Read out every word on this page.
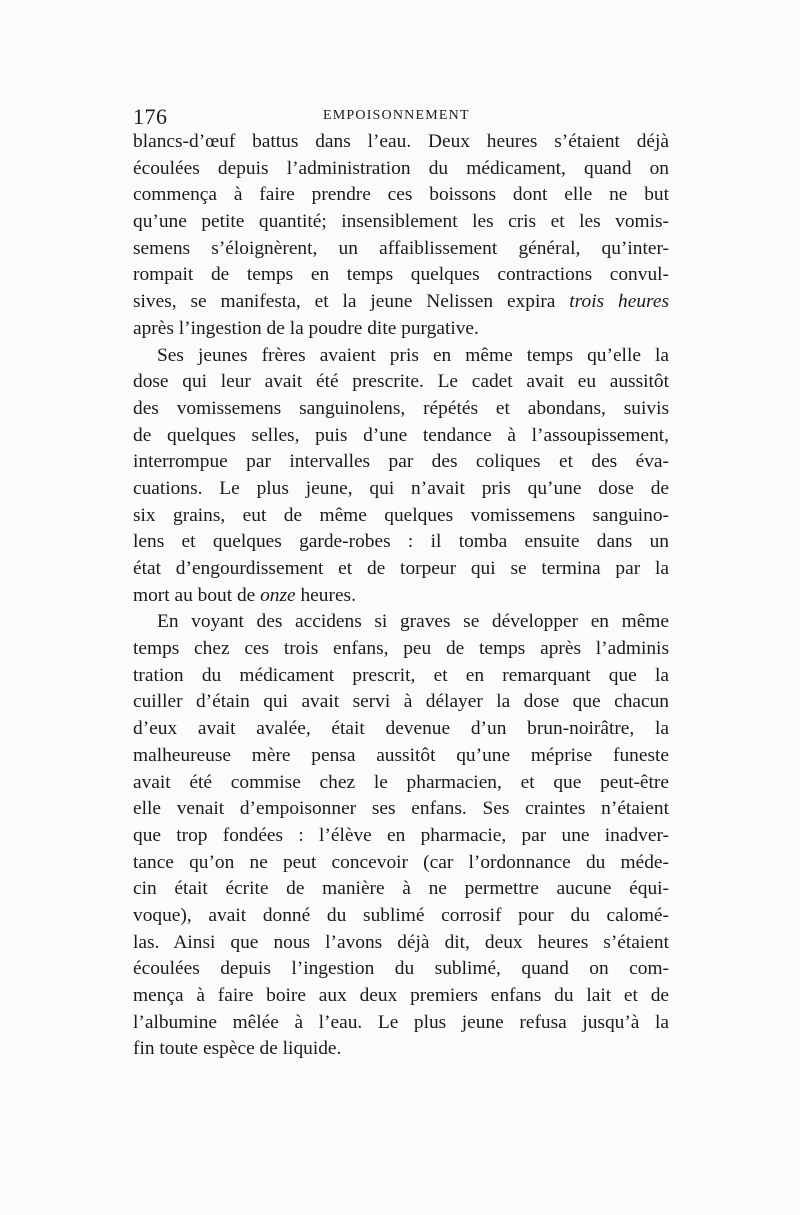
176	EMPOISONNEMENT
blancs-d’œuf battus dans l’eau. Deux heures s’étaient déjà
écoulées depuis l’administration du médicament, quand on
commença à faire prendre ces boissons dont elle ne but
qu’une petite quantité; insensiblement les cris et les vomis-
semens s’éloignèrent, un affaiblissement général, qu’inter-
rompait de temps en temps quelques contractions convul-
sives, se manifesta, et la jeune Nelissen expira trois heures
après l’ingestion de la poudre dite purgative.
Ses jeunes frères avaient pris en même temps qu’elle la
dose qui leur avait été prescrite. Le cadet avait eu aussitôt
des vomissemens sanguinolens, répétés et abondans, suivis
de quelques selles, puis d’une tendance à l’assoupissement,
interrompue par intervalles par des coliques et des éva-
cuations. Le plus jeune, qui n’avait pris qu’une dose de
six grains, eut de même quelques vomissemens sanguino-
lens et quelques garde-robes : il tomba ensuite dans un
état d’engourdissement et de torpeur qui se termina par la
mort au bout de onze heures.
En voyant des accidens si graves se développer en même
temps chez ces trois enfans, peu de temps après l’adminis
tration du médicament prescrit, et en remarquant que la
cuiller d’étain qui avait servi à délayer la dose que chacun
d’eux avait avalée, était devenue d’un brun-noirâtre, la
malheureuse mère pensa aussitôt qu’une méprise funeste
avait été commise chez le pharmacien, et que peut-être
elle venait d’empoisonner ses enfans. Ses craintes n’étaient
que trop fondées : l’élève en pharmacie, par une inadver-
tance qu’on ne peut concevoir (car l’ordonnance du méde-
cin était écrite de manière à ne permettre aucune équi-
voque), avait donné du sublimé corrosif pour du calomé-
las. Ainsi que nous l’avons déjà dit, deux heures s’étaient
écoulées depuis l’ingestion du sublimé, quand on com-
mença à faire boire aux deux premiers enfans du lait et de
l’albumine mêlée à l’eau. Le plus jeune refusa jusqu’à la
fin toute espèce de liquide.
